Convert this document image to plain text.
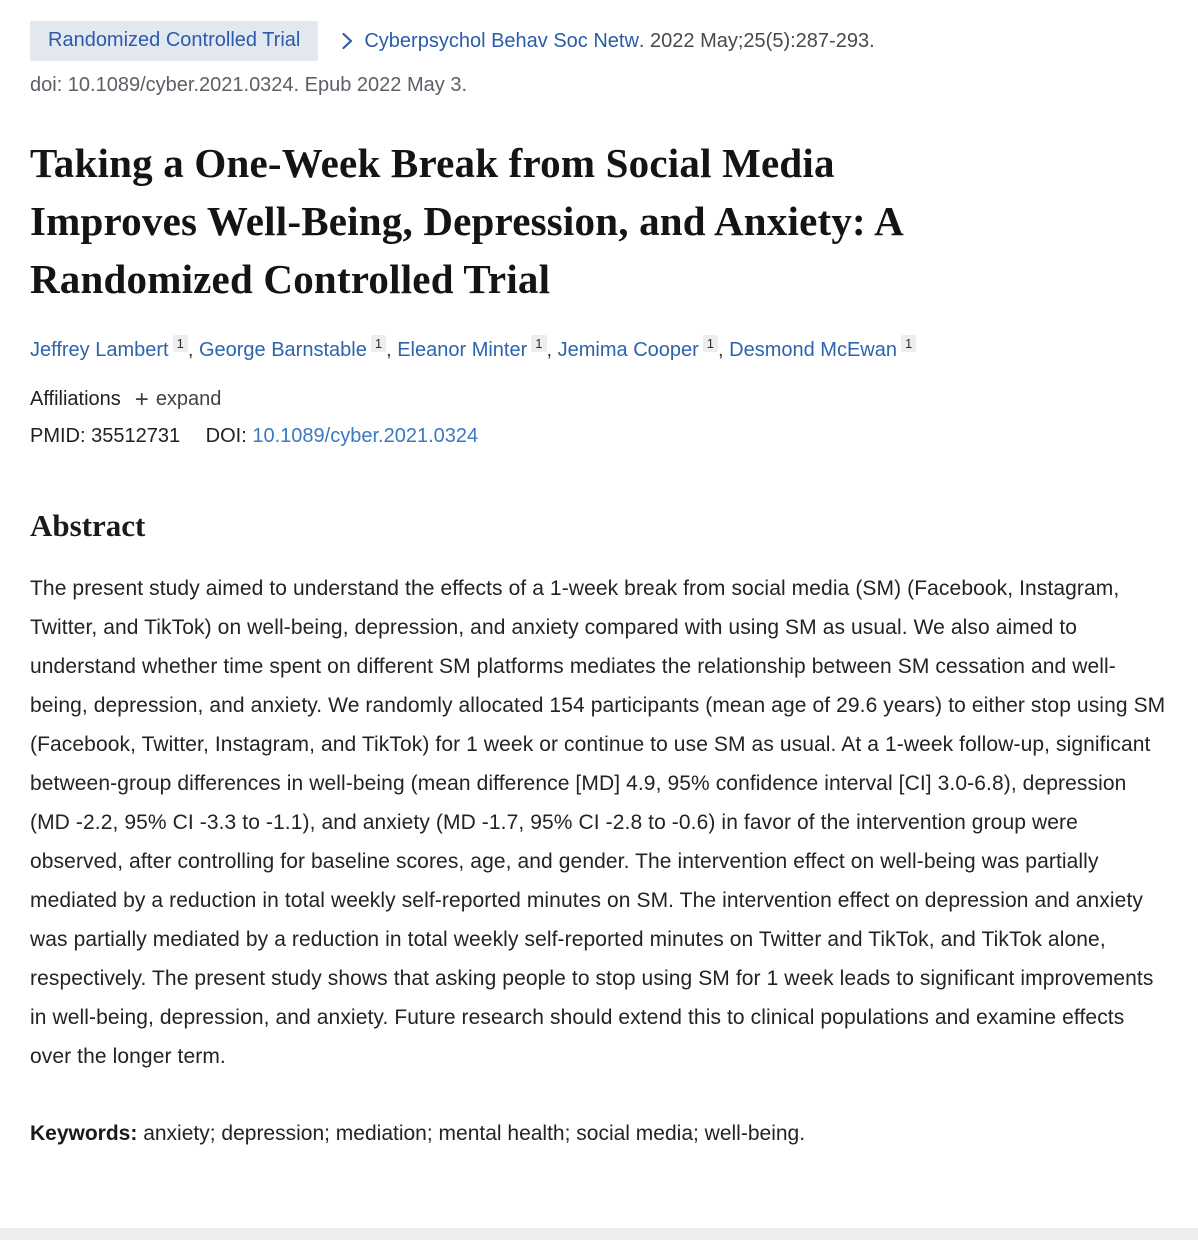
Randomized Controlled Trial	Cyberpsychol Behav Soc Netw . 2022 May;25(5):287-293.
doi: 10.1089/cyber.2021.0324. Epub 2022 May 3.
Taking a One-Week Break from Social Media
Improves Well-Being, Depression, and Anxiety: A
Randomized Controlled Trial
Jeffrey Lambert $^1$ , George Barnstable $^1$ , Eleanor Minter $^1$ , Jemima Cooper $^1$ , Desmond McEwan $^1$
Affiliations + expand
PMID: 35512731 DOI: 10.1089/cyber.2021.0324
Abstract

The present study aimed to understand the effects of a 1-week break from social media (SM) (Facebook, Instagram, Twitter, and TikTok) on well-being, depression, and anxiety compared with using SM as usual. We also aimed to understand whether time spent on different SM platforms mediates the relationship between SM cessation and well-being, depression, and anxiety. We randomly allocated 154 participants (mean age of 29.6 years) to either stop using SM (Facebook, Twitter, Instagram, and TikTok) for 1 week or continue to use SM as usual. At a 1-week follow-up, significant between-group differences in well-being (mean difference [MD] 4.9, 95% confidence interval [CI] 3.0-6.8), depression (MD -2.2, 95% CI -3.3 to -1.1), and anxiety (MD -1.7, 95% CI -2.8 to -0.6) in favor of the intervention group were observed, after controlling for baseline scores, age, and gender. The intervention effect on well-being was partially mediated by a reduction in total weekly self-reported minutes on SM. The intervention effect on depression and anxiety was partially mediated by a reduction in total weekly self-reported minutes on Twitter and TikTok, and TikTok alone, respectively. The present study shows that asking people to stop using SM for 1 week leads to significant improvements in well-being, depression, and anxiety. Future research should extend this to clinical populations and examine effects over the longer term.

Keywords: anxiety; depression; mediation; mental health; social media; well-being.
